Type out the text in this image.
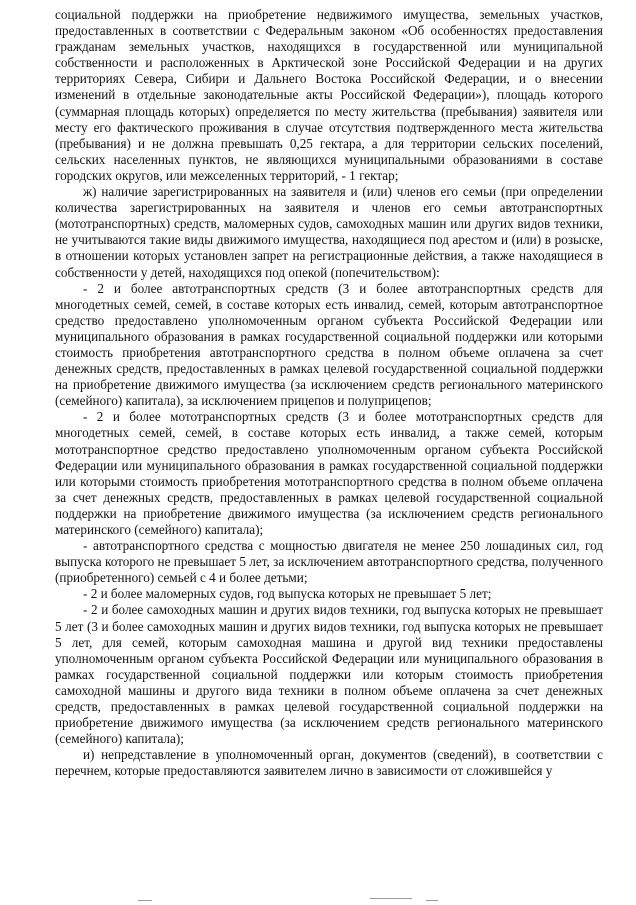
социальной поддержки на приобретение недвижимого имущества, земельных участков, предоставленных в соответствии с Федеральным законом «Об особенностях предоставления гражданам земельных участков, находящихся в государственной или муниципальной собственности и расположенных в Арктической зоне Российской Федерации и на других территориях Севера, Сибири и Дальнего Востока Российской Федерации, и о внесении изменений в отдельные законодательные акты Российской Федерации»), площадь которого (суммарная площадь которых) определяется по месту жительства (пребывания) заявителя или месту его фактического проживания в случае отсутствия подтвержденного места жительства (пребывания) и не должна превышать 0,25 гектара, а для территории сельских поселений, сельских населенных пунктов, не являющихся муниципальными образованиями в составе городских округов, или межселенных территорий, - 1 гектар;

ж) наличие зарегистрированных на заявителя и (или) членов его семьи (при определении количества зарегистрированных на заявителя и членов его семьи автотранспортных (мототранспортных) средств, маломерных судов, самоходных машин или других видов техники, не учитываются такие виды движимого имущества, находящиеся под арестом и (или) в розыске, в отношении которых установлен запрет на регистрационные действия, а также находящиеся в собственности у детей, находящихся под опекой (попечительством):

- 2 и более автотранспортных средств (3 и более автотранспортных средств для многодетных семей, семей, в составе которых есть инвалид, семей, которым автотранспортное средство предоставлено уполномоченным органом субъекта Российской Федерации или муниципального образования в рамках государственной социальной поддержки или которыми стоимость приобретения автотранспортного средства в полном объеме оплачена за счет денежных средств, предоставленных в рамках целевой государственной социальной поддержки на приобретение движимого имущества (за исключением средств регионального материнского (семейного) капитала), за исключением прицепов и полуприцепов;

- 2 и более мототранспортных средств (3 и более мототранспортных средств для многодетных семей, семей, в составе которых есть инвалид, а также семей, которым мототранспортное средство предоставлено уполномоченным органом субъекта Российской Федерации или муниципального образования в рамках государственной социальной поддержки или которыми стоимость приобретения мототранспортного средства в полном объеме оплачена за счет денежных средств, предоставленных в рамках целевой государственной социальной поддержки на приобретение движимого имущества (за исключением средств регионального материнского (семейного) капитала);

- автотранспортного средства с мощностью двигателя не менее 250 лошадиных сил, год выпуска которого не превышает 5 лет, за исключением автотранспортного средства, полученного (приобретенного) семьей с 4 и более детьми;

- 2 и более маломерных судов, год выпуска которых не превышает 5 лет;

- 2 и более самоходных машин и других видов техники, год выпуска которых не превышает 5 лет (3 и более самоходных машин и других видов техники, год выпуска которых не превышает 5 лет, для семей, которым самоходная машина и другой вид техники предоставлены уполномоченным органом субъекта Российской Федерации или муниципального образования в рамках государственной социальной поддержки или которым стоимость приобретения самоходной машины и другого вида техники в полном объеме оплачена за счет денежных средств, предоставленных в рамках целевой государственной социальной поддержки на приобретение движимого имущества (за исключением средств регионального материнского (семейного) капитала);

и) непредставление в уполномоченный орган, документов (сведений), в соответствии с перечнем, которые предоставляются заявителем лично в зависимости от сложившейся у
